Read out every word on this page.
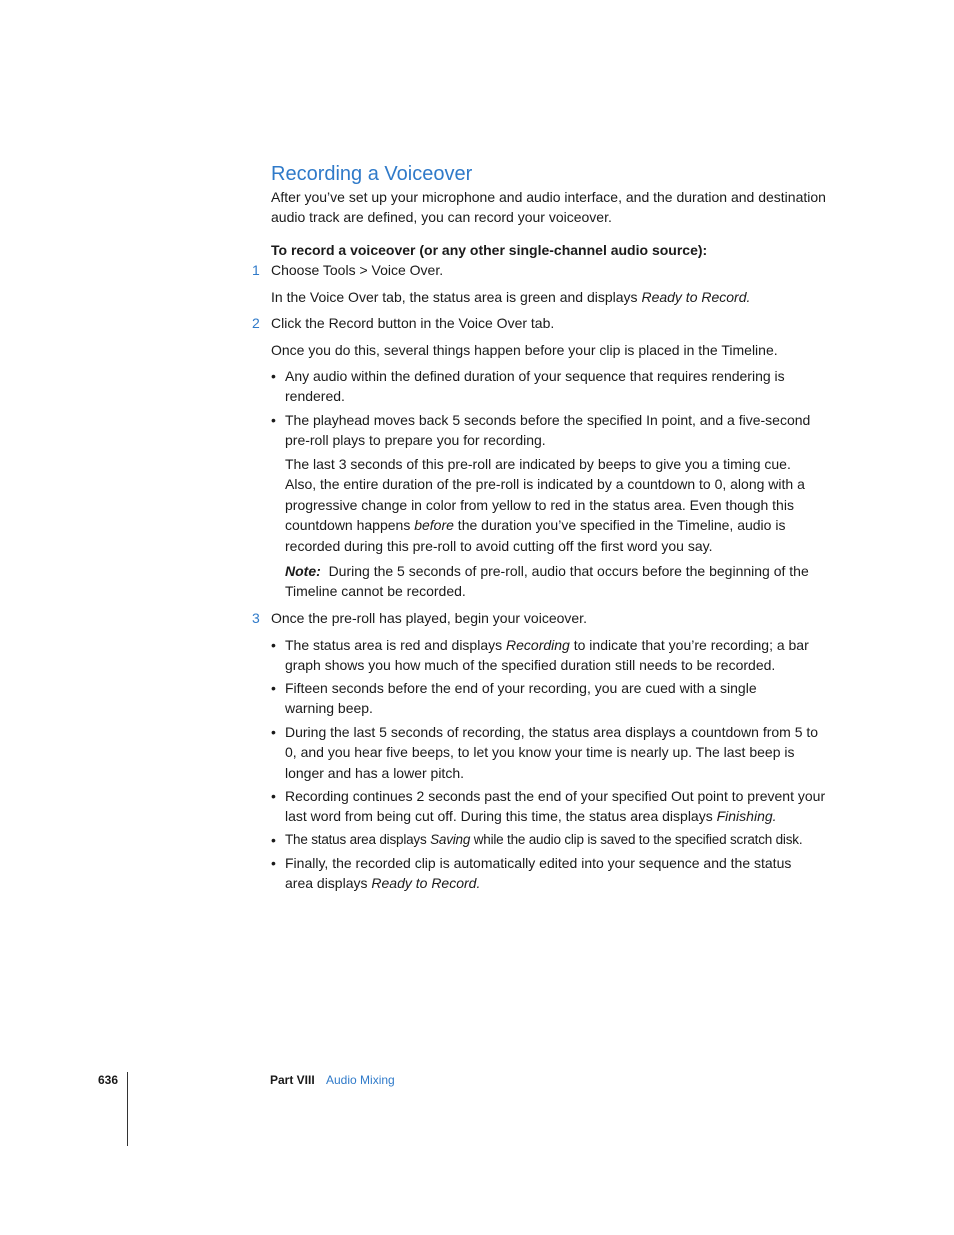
Recording a Voiceover

After you’ve set up your microphone and audio interface, and the duration and destination audio track are defined, you can record your voiceover.

To record a voiceover (or any other single-channel audio source):

1 Choose Tools > Voice Over.

In the Voice Over tab, the status area is green and displays Ready to Record.

2 Click the Record button in the Voice Over tab.

Once you do this, several things happen before your clip is placed in the Timeline.

• Any audio within the defined duration of your sequence that requires rendering is rendered.

• The playhead moves back 5 seconds before the specified In point, and a five-second pre-roll plays to prepare you for recording.

The last 3 seconds of this pre-roll are indicated by beeps to give you a timing cue. Also, the entire duration of the pre-roll is indicated by a countdown to 0, along with a progressive change in color from yellow to red in the status area. Even though this countdown happens before the duration you’ve specified in the Timeline, audio is recorded during this pre-roll to avoid cutting off the first word you say.

Note: During the 5 seconds of pre-roll, audio that occurs before the beginning of the Timeline cannot be recorded.

3 Once the pre-roll has played, begin your voiceover.

• The status area is red and displays Recording to indicate that you’re recording; a bar graph shows you how much of the specified duration still needs to be recorded.

• Fifteen seconds before the end of your recording, you are cued with a single warning beep.

• During the last 5 seconds of recording, the status area displays a countdown from 5 to 0, and you hear five beeps, to let you know your time is nearly up. The last beep is longer and has a lower pitch.

• Recording continues 2 seconds past the end of your specified Out point to prevent your last word from being cut off. During this time, the status area displays Finishing.

• The status area displays Saving while the audio clip is saved to the specified scratch disk.

• Finally, the recorded clip is automatically edited into your sequence and the status area displays Ready to Record.

636	Part VIII Audio Mixing
